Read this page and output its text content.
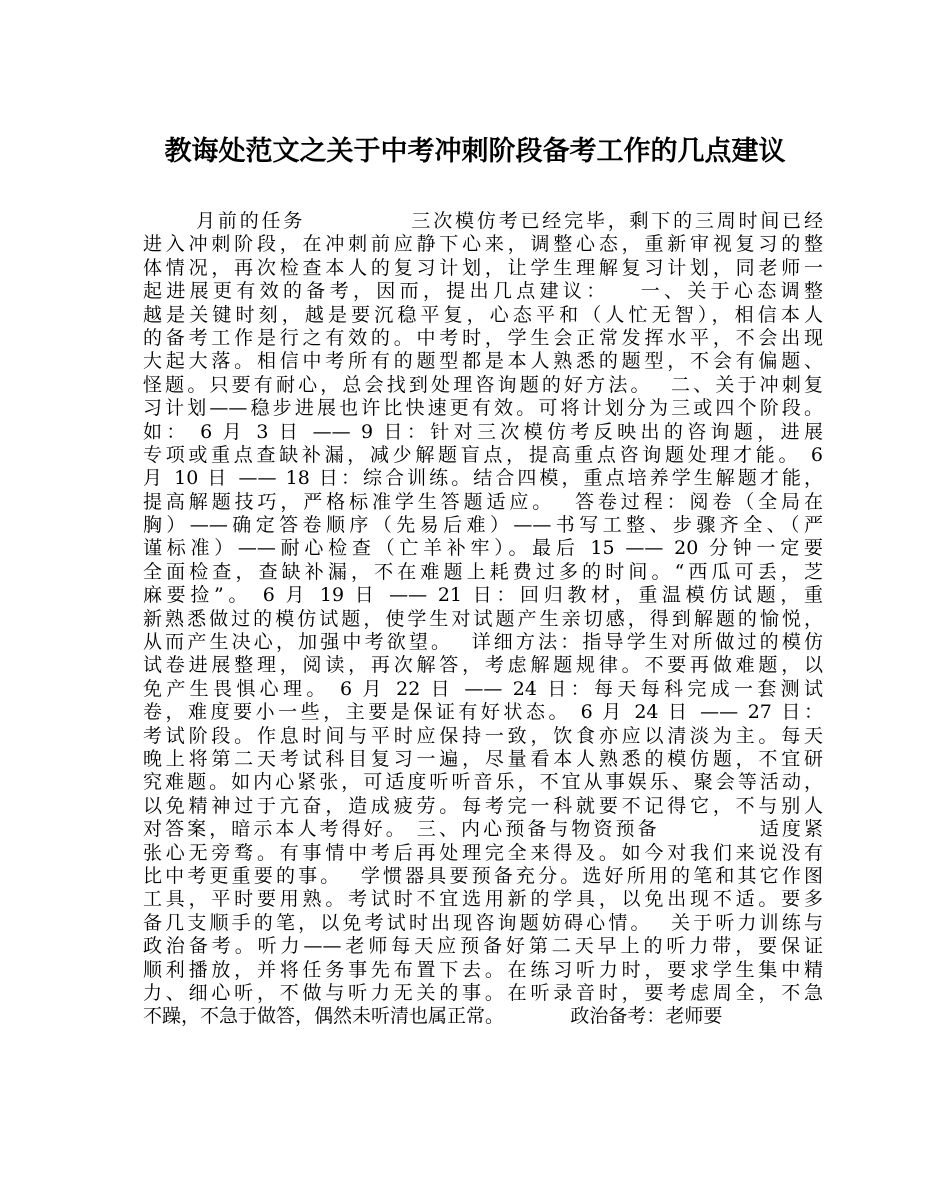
教诲处范文之关于中考冲刺阶段备考工作的几点建议
月前的任务            三次模仿考已经完毕，剩下的三周时间已经
进入冲刺阶段，在冲刺前应静下心来，调整心态，重新审视复习的整
体情况，再次检查本人的复习计划，让学生理解复习计划，同老师一
起进展更有效的备考，因而，提出几点建议：   一、关于心态调整
越是关键时刻，越是要沉稳平复，心态平和（人忙无智），相信本人
的备考工作是行之有效的。中考时，学生会正常发挥水平，不会出现
大起大落。相信中考所有的题型都是本人熟悉的题型，不会有偏题、
怪题。只要有耐心，总会找到处理咨询题的好方法。  二、关于冲刺复
习计划——稳步进展也许比快速更有效。可将计划分为三或四个阶段。
如： 6 月 3 日 —— 9 日：针对三次模仿考反映出的咨询题，进展
专项或重点查缺补漏，减少解题盲点，提高重点咨询题处理才能。 6
月 10 日 —— 18 日：综合训练。结合四模，重点培养学生解题才能，
提高解题技巧，严格标准学生答题适应。  答卷过程：阅卷（全局在
胸）——确定答卷顺序（先易后难）——书写工整、步骤齐全、（严
谨标准）——耐心检查（亡羊补牢）。最后 15 —— 20 分钟一定要
全面检查，查缺补漏，不在难题上耗费过多的时间。“西瓜可丢，芝
麻要捡”。 6 月 19 日 —— 21 日：回归教材，重温模仿试题，重
新熟悉做过的模仿试题，使学生对试题产生亲切感，得到解题的愉悦，
从而产生决心，加强中考欲望。  详细方法：指导学生对所做过的模仿
试卷进展整理，阅读，再次解答，考虑解题规律。不要再做难题，以
免产生畏惧心理。 6 月 22 日 —— 24 日：每天每科完成一套测试
卷，难度要小一些，主要是保证有好状态。 6 月 24 日 —— 27 日：
考试阶段。作息时间与平时应保持一致，饮食亦应以清淡为主。每天
晚上将第二天考试科目复习一遍，尽量看本人熟悉的模仿题，不宜研
究难题。如内心紧张，可适度听听音乐，不宜从事娱乐、聚会等活动，
以免精神过于亢奋，造成疲劳。每考完一科就要不记得它，不与别人
对答案，暗示本人考得好。 三、内心预备与物资预备           适度紧
张心无旁骛。有事情中考后再处理完全来得及。如今对我们来说没有
比中考更重要的事。  学惯器具要预备充分。选好所用的笔和其它作图
工具，平时要用熟。考试时不宜选用新的学具，以免出现不适。要多
备几支顺手的笔，以免考试时出现咨询题妨碍心情。  关于听力训练与
政治备考。听力——老师每天应预备好第二天早上的听力带，要保证
顺利播放，并将任务事先布置下去。在练习听力时，要求学生集中精
力、细心听，不做与听力无关的事。在听录音时，要考虑周全，不急
不躁，不急于做答，偶然未听清也属正常。           政治备考：老师要
